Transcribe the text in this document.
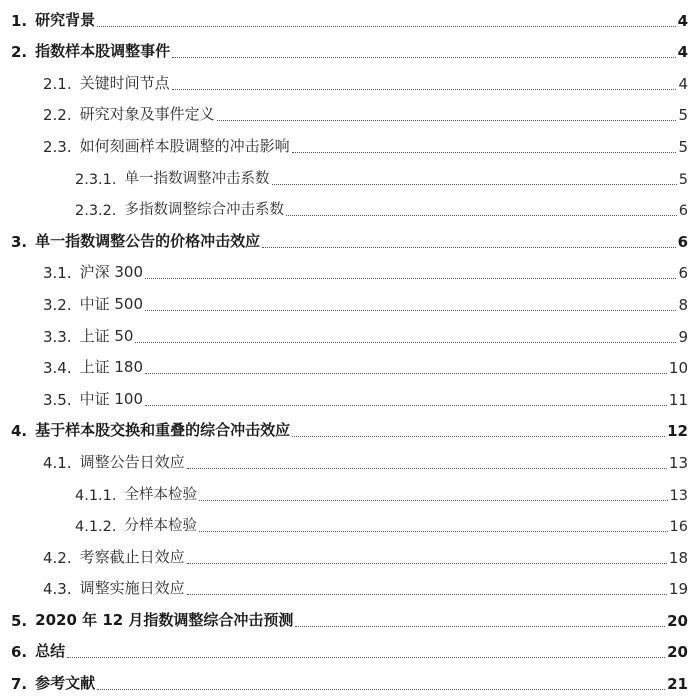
1. 研究背景	4
2. 指数样本股调整事件	4
2.1. 关键时间节点	4
2.2. 研究对象及事件定义	5
2.3. 如何刻画样本股调整的冲击影响	5
2.3.1. 单一指数调整冲击系数	5
2.3.2. 多指数调整综合冲击系数	6
3. 单一指数调整公告的价格冲击效应	6
3.1. 沪深 300	6
3.2. 中证 500	8
3.3. 上证 50	9
3.4. 上证 180	10
3.5. 中证 100	11
4. 基于样本股交换和重叠的综合冲击效应	12
4.1. 调整公告日效应	13
4.1.1. 全样本检验	13
4.1.2. 分样本检验	16
4.2. 考察截止日效应	18
4.3. 调整实施日效应	19
5. 2020 年 12 月指数调整综合冲击预测	20
6. 总结	20
7. 参考文献	21
